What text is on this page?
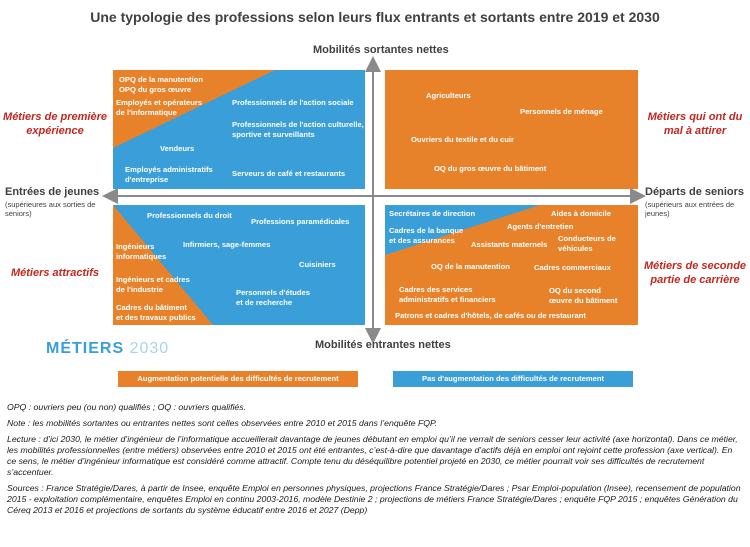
Une typologie des professions selon leurs flux entrants et sortants entre 2019 et 2030
Mobilités sortantes nettes
Mobilités entrantes nettes
Entrées de jeunes
(supérieures aux sorties de
seniors)
Départs de seniors
(supérieurs aux entrées de
jeunes)
Métiers de première
expérience
Métiers qui ont du
mal à attirer
Métiers attractifs
Métiers de seconde
partie de carrière
OPQ de la manutention
OPQ du gros œuvre
Employés et opérateurs
de l'informatique
Professionnels de l'action sociale
Professionnels de l'action culturelle,
sportive et surveillants
Vendeurs
Employés administratifs
d'entreprise
Serveurs de café et restaurants
Agriculteurs
Personnels de ménage
Ouvriers du textile et du cuir
OQ du gros œuvre du bâtiment
Professionnels du droit
Professions paramédicales
Ingénieurs
informatiques
Infirmiers, sage-femmes
Cuisiniers
Ingénieurs et cadres
de l'industrie	Personnels d'études
et de recherche
Cadres du bâtiment
et des travaux publics
Secrétaires de direction	Aides à domicile
Agents d'entretien
Cadres de la banque
et des assurances	Conducteurs de
véhicules
Assistants maternels
OQ de la manutention	Cadres commerciaux
Cadres des services
administratifs et financiers
OQ du second
œuvre du bâtiment
Patrons et cadres d'hôtels, de cafés ou de restaurant
MÉTIERS 2030
Augmentation potentielle des difficultés de recrutement	Pas d'augmentation des difficultés de recrutement
OPQ : ouvriers peu (ou non) qualifiés ; OQ : ouvriers qualifiés.
Note : les mobilités sortantes ou entrantes nettes sont celles observées entre 2010 et 2015 dans l’enquête FQP.
Lecture : d’ici 2030, le métier d’ingénieur de l’informatique accueillerait davantage de jeunes débutant en emploi qu’il ne verrait de seniors cesser leur activité (axe horizontal). Dans ce métier, les mobilités professionnelles (entre métiers) observées entre 2010 et 2015 ont été entrantes, c’est-à-dire que davantage d’actifs déjà en emploi ont rejoint cette profession (axe vertical). En ce sens, le métier d’ingénieur informatique est considéré comme attractif. Compte tenu du déséquilibre potentiel projeté en 2030, ce métier pourrait voir ses difficultés de recrutement s’accentuer.
Sources : France Stratégie/Dares, à partir de Insee, enquête Emploi en personnes physiques, projections France Stratégie/Dares ; Psar Emploi-population (Insee), recensement de population 2015 - exploitation complémentaire, enquêtes Emploi en continu 2003-2016, modèle Destinie 2 ; projections de métiers France Stratégie/Dares ; enquête FQP 2015 ; enquêtes Génération du Céreq 2013 et 2016 et projections de sortants du système éducatif entre 2016 et 2027 (Depp)
